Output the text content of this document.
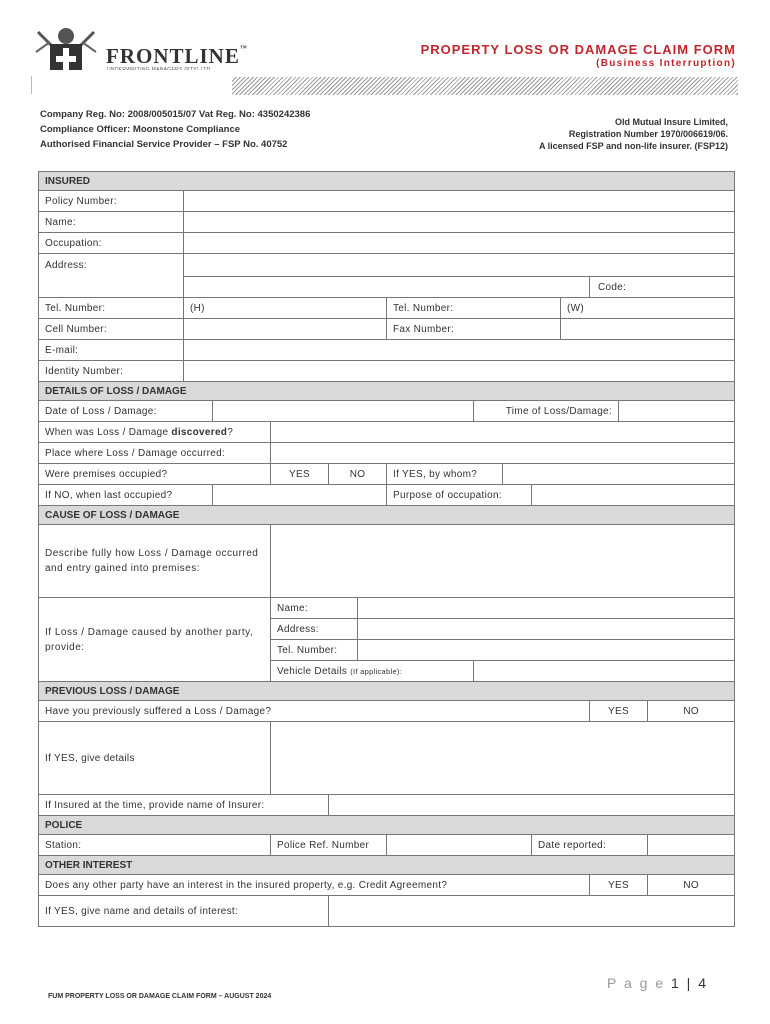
FRONTLINE™	PROPERTY LOSS OR DAMAGE CLAIM FORM
(Business Interruption)
Company Reg. No: 2008/005015/07 Vat Reg. No: 4350242386
Compliance Officer: Moonstone Compliance
Authorised Financial Service Provider – FSP No. 40752
Old Mutual Insure Limited,
Registration Number 1970/006619/06.
A licensed FSP and non-life insurer. (FSP12)
INSURED													
Policy Number:													
Name:													
Occupation:													
Address:													
											Code:		
Tel. Number:	(H)					Tel. Number:				(W)			
Cell Number:						Fax Number:							
E-mail:													
Identity Number:													
DETAILS OF LOSS / DAMAGE													
Date of Loss / Damage:							Time of Loss/Damage:						
When was Loss / Damage discovered?													
Place where Loss / Damage occurred:													
Were premises occupied?			YES	NO		If YES, by whom?							
If NO, when last occupied?						Purpose of occupation:							
CAUSE OF LOSS / DAMAGE													
Describe fully how Loss / Damage occurred and entry gained into premises:													
If Loss / Damage caused by another party, provide:			Name:										
			Address:										
			Tel. Number:										
			Vehicle Details (If applicable):										
PREVIOUS LOSS / DAMAGE													
Have you previously suffered a Loss / Damage?											YES		NO
If YES, give details													
If Insured at the time, provide name of Insurer:													
POLICE													
Station:			Police Ref. Number						Date reported:				
OTHER INTEREST													
Does any other party have an interest in the insured property, e.g. Credit Agreement?											YES		NO
If YES, give name and details of interest:													
P a g e 1 | 4
FUM PROPERTY LOSS OR DAMAGE CLAIM FORM – AUGUST 2024
